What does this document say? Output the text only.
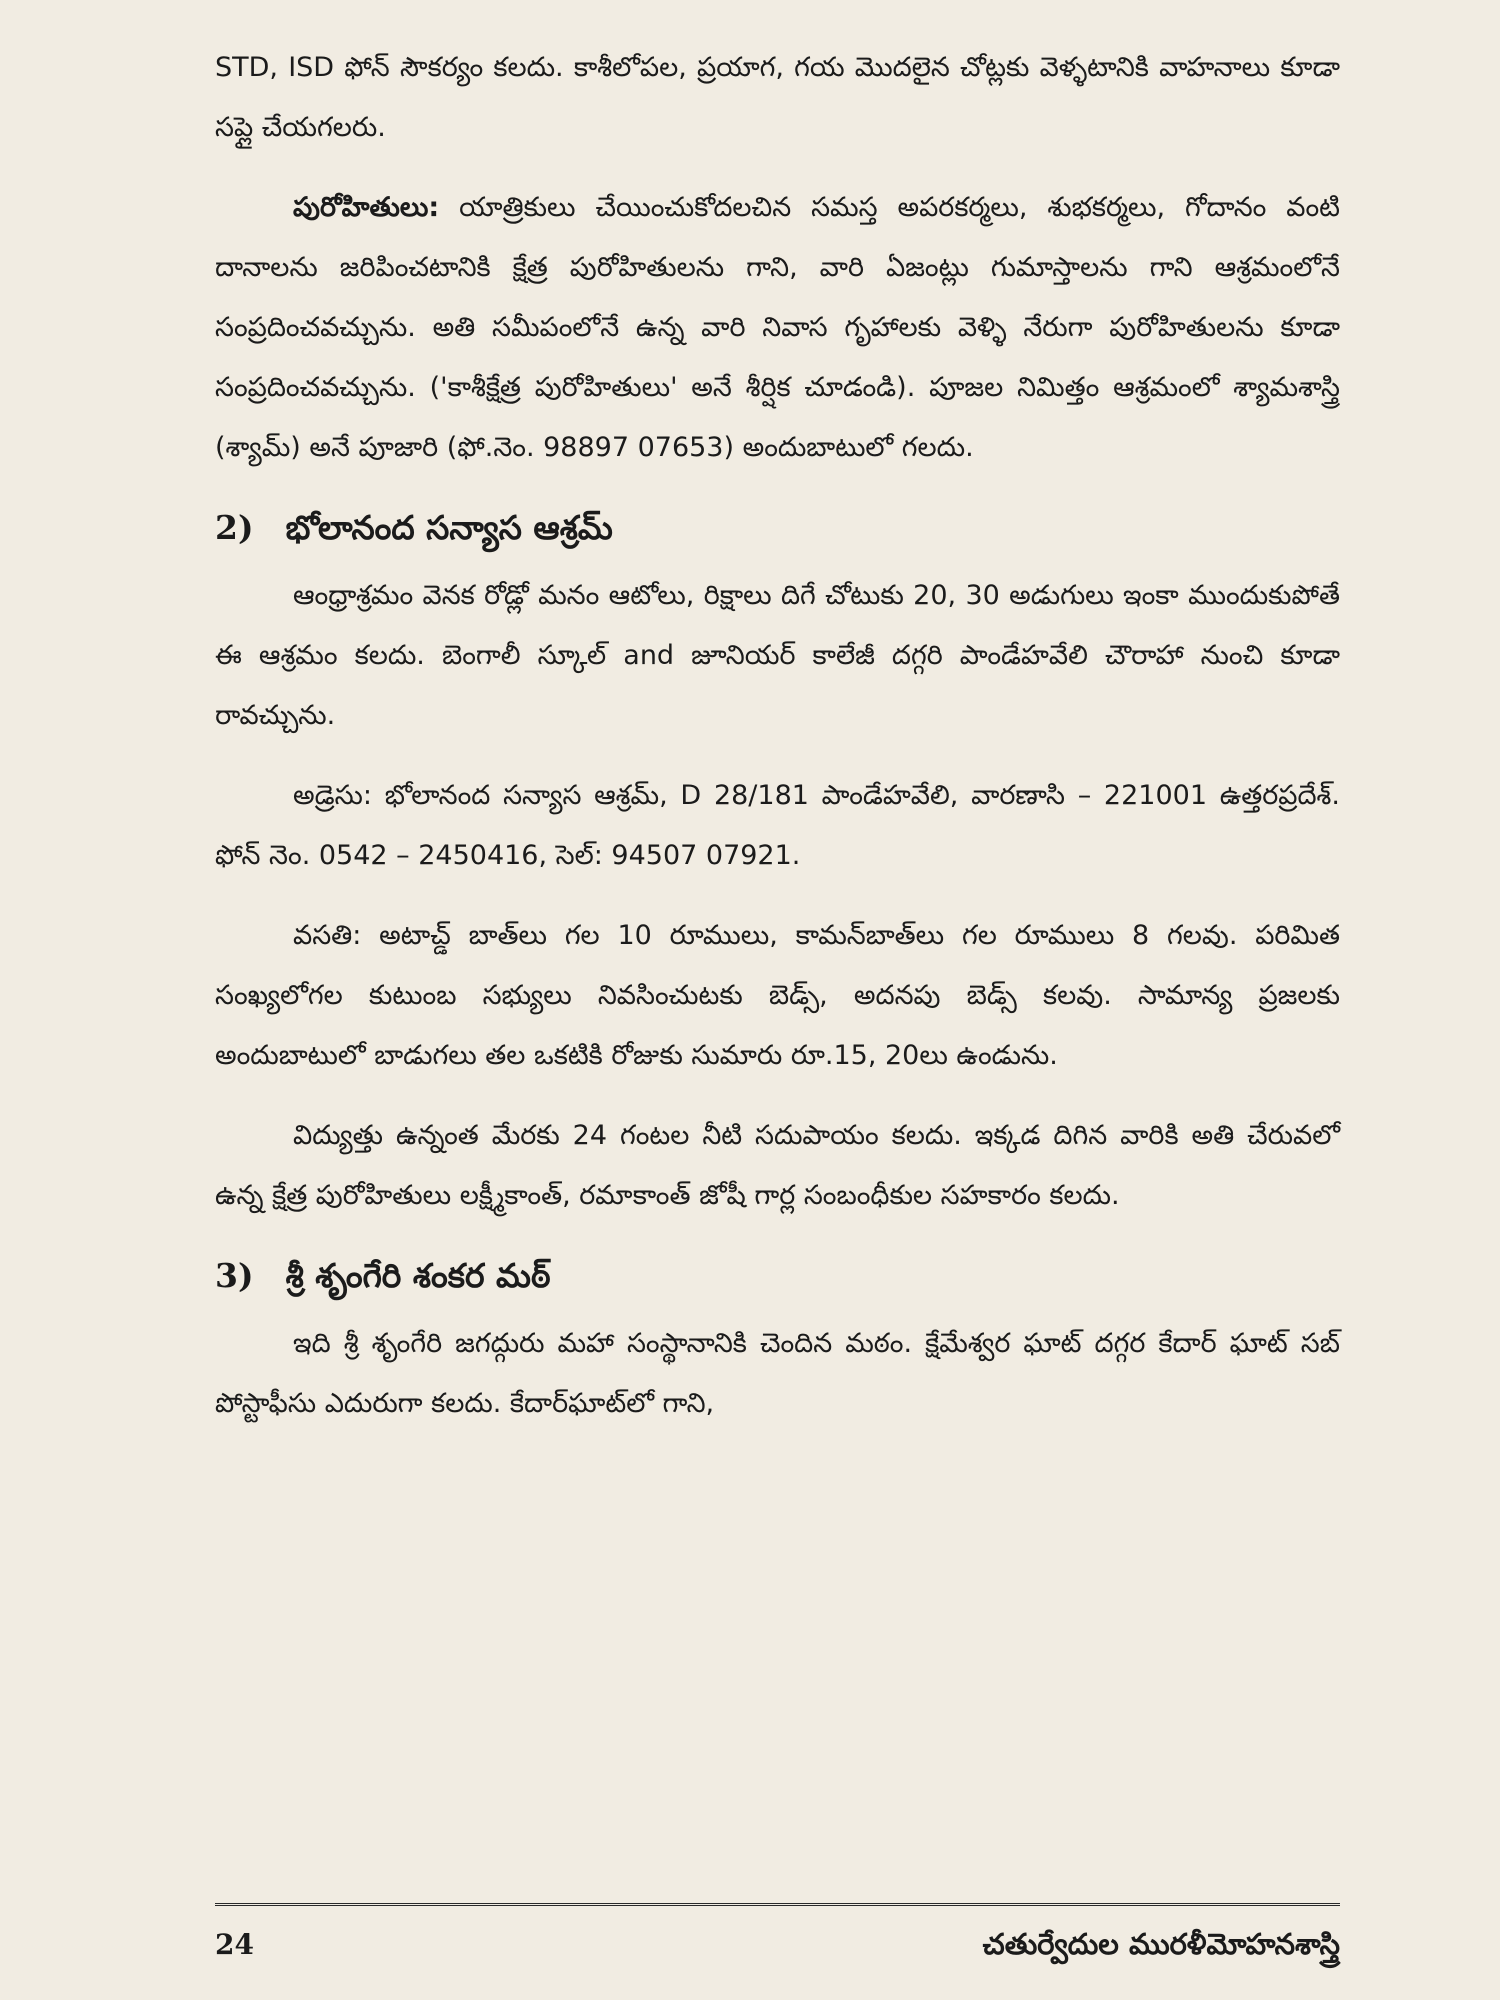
STD, ISD ఫోన్ సౌకర్యం కలదు. కాశీలోపల, ప్రయాగ, గయ మొదలైన చోట్లకు వెళ్ళటానికి వాహనాలు కూడా సప్లై చేయగలరు.

పురోహితులు: యాత్రికులు చేయించుకోదలచిన సమస్త అపరకర్మలు, శుభకర్మలు, గోదానం వంటి దానాలను జరిపించటానికి క్షేత్ర పురోహితులను గాని, వారి ఏజంట్లు గుమాస్తాలను గాని ఆశ్రమంలోనే సంప్రదించవచ్చును. అతి సమీపంలోనే ఉన్న వారి నివాస గృహాలకు వెళ్ళి నేరుగా పురోహితులను కూడా సంప్రదించవచ్చును. ('కాశీక్షేత్ర పురోహితులు' అనే శీర్షిక చూడండి). పూజల నిమిత్తం ఆశ్రమంలో శ్యామశాస్త్రి (శ్యామ్) అనే పూజారి (ఫో.నెం. 98897 07653) అందుబాటులో గలదు.

2) భోలానంద సన్యాస ఆశ్రమ్

ఆంధ్రాశ్రమం వెనక రోడ్లో మనం ఆటోలు, రిక్షాలు దిగే చోటుకు 20, 30 అడుగులు ఇంకా ముందుకుపోతే ఈ ఆశ్రమం కలదు. బెంగాలీ స్కూల్ and జూనియర్ కాలేజీ దగ్గరి పాండేహవేలి చౌరాహా నుంచి కూడా రావచ్చును.

అడ్రెసు: భోలానంద సన్యాస ఆశ్రమ్, D 28/181 పాండేహవేలి, వారణాసి – 221001 ఉత్తరప్రదేశ్. ఫోన్ నెం. 0542 – 2450416, సెల్: 94507 07921.

వసతి: అటాచ్డ్ బాత్‌లు గల 10 రూములు, కామన్‌బాత్‌లు గల రూములు 8 గలవు. పరిమిత సంఖ్యలోగల కుటుంబ సభ్యులు నివసించుటకు బెడ్స్, అదనపు బెడ్స్ కలవు. సామాన్య ప్రజలకు అందుబాటులో బాడుగలు తల ఒకటికి రోజుకు సుమారు రూ.15, 20లు ఉండును.

విద్యుత్తు ఉన్నంత మేరకు 24 గంటల నీటి సదుపాయం కలదు. ఇక్కడ దిగిన వారికి అతి చేరువలో ఉన్న క్షేత్ర పురోహితులు లక్ష్మీకాంత్, రమాకాంత్ జోషీ గార్ల సంబంధీకుల సహకారం కలదు.

3) శ్రీ శృంగేరి శంకర మఠ్

ఇది శ్రీ శృంగేరి జగద్గురు మహా సంస్థానానికి చెందిన మఠం. క్షేమేశ్వర ఘాట్ దగ్గర కేదార్ ఘాట్ సబ్ పోస్టాఫీసు ఎదురుగా కలదు. కేదార్‌ఘాట్‌లో గాని,

24	చతుర్వేదుల మురళీమోహనశాస్త్రి
